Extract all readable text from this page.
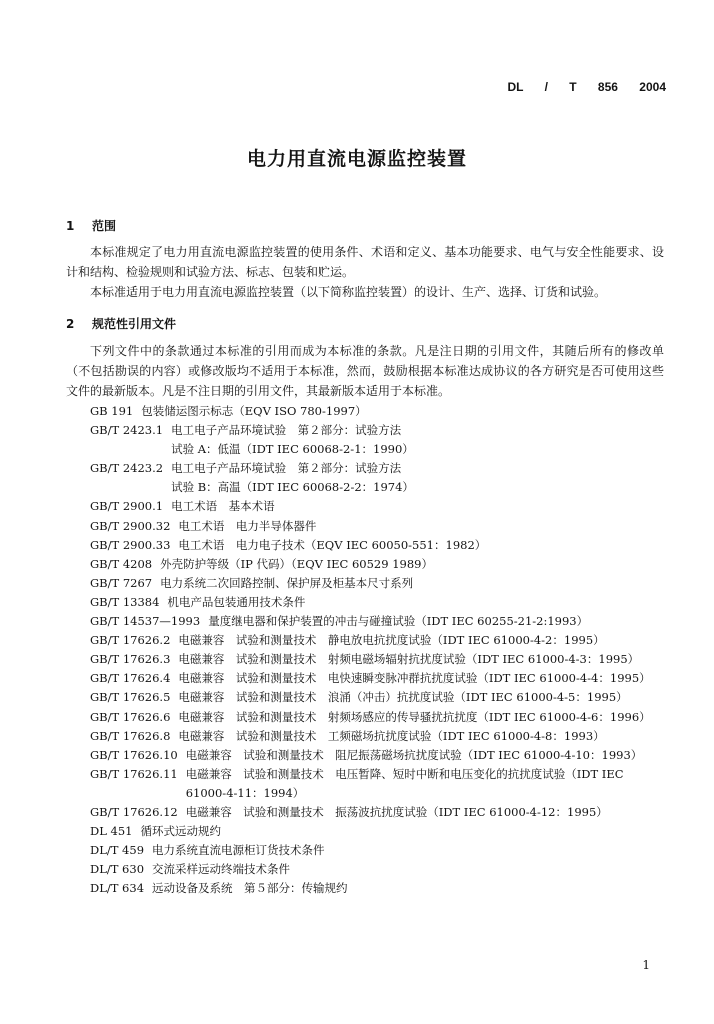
DL / T 856 2004
电力用直流电源监控装置
1 范围
本标准规定了电力用直流电源监控装置的使用条件、术语和定义、基本功能要求、电气与安全性能要求、设计和结构、检验规则和试验方法、标志、包装和贮运。
本标准适用于电力用直流电源监控装置（以下简称监控装置）的设计、生产、选择、订货和试验。
2 规范性引用文件
下列文件中的条款通过本标准的引用而成为本标准的条款。凡是注日期的引用文件，其随后所有的修改单（不包括勘误的内容）或修改版均不适用于本标准，然而，鼓励根据本标准达成协议的各方研究是否可使用这些文件的最新版本。凡是不注日期的引用文件，其最新版本适用于本标准。
GB 191 包装储运图示标志（EQV ISO 780-1997）
GB/T 2423.1 电工电子产品环境试验　第２部分：试验方法
试验 A：低温（IDT IEC 60068-2-1：1990）
GB/T 2423.2 电工电子产品环境试验　第２部分：试验方法
试验 B：高温（IDT IEC 60068-2-2：1974）
GB/T 2900.1 电工术语　基本术语
GB/T 2900.32 电工术语　电力半导体器件
GB/T 2900.33 电工术语　电力电子技术（EQV IEC 60050-551：1982）
GB/T 4208 外壳防护等级（IP 代码）（EQV IEC 60529 1989）
GB/T 7267 电力系统二次回路控制、保护屏及柜基本尺寸系列
GB/T 13384 机电产品包装通用技术条件
GB/T 14537—1993 量度继电器和保护装置的冲击与碰撞试验（IDT IEC 60255-21-2:1993）
GB/T 17626.2 电磁兼容　试验和测量技术　静电放电抗扰度试验（IDT IEC 61000-4-2：1995）
GB/T 17626.3 电磁兼容　试验和测量技术　射频电磁场辐射抗扰度试验（IDT IEC 61000-4-3：1995）
GB/T 17626.4 电磁兼容　试验和测量技术　电快速瞬变脉冲群抗扰度试验（IDT IEC 61000-4-4：1995）
GB/T 17626.5 电磁兼容　试验和测量技术　浪涌（冲击）抗扰度试验（IDT IEC 61000-4-5：1995）
GB/T 17626.6 电磁兼容　试验和测量技术　射频场感应的传导骚扰抗扰度（IDT IEC 61000-4-6：1996）
GB/T 17626.8 电磁兼容　试验和测量技术　工频磁场抗扰度试验（IDT IEC 61000-4-8：1993）
GB/T 17626.10 电磁兼容　试验和测量技术　阻尼振荡磁场抗扰度试验（IDT IEC 61000-4-10：1993）
GB/T 17626.11 电磁兼容　试验和测量技术　电压暂降、短时中断和电压变化的抗扰度试验（IDT IEC 61000-4-11：1994）
GB/T 17626.12 电磁兼容　试验和测量技术　振荡波抗扰度试验（IDT IEC 61000-4-12：1995）
DL 451 循环式远动规约
DL/T 459 电力系统直流电源柜订货技术条件
DL/T 630 交流采样远动终端技术条件
DL/T 634 远动设备及系统　第５部分：传输规约
1
